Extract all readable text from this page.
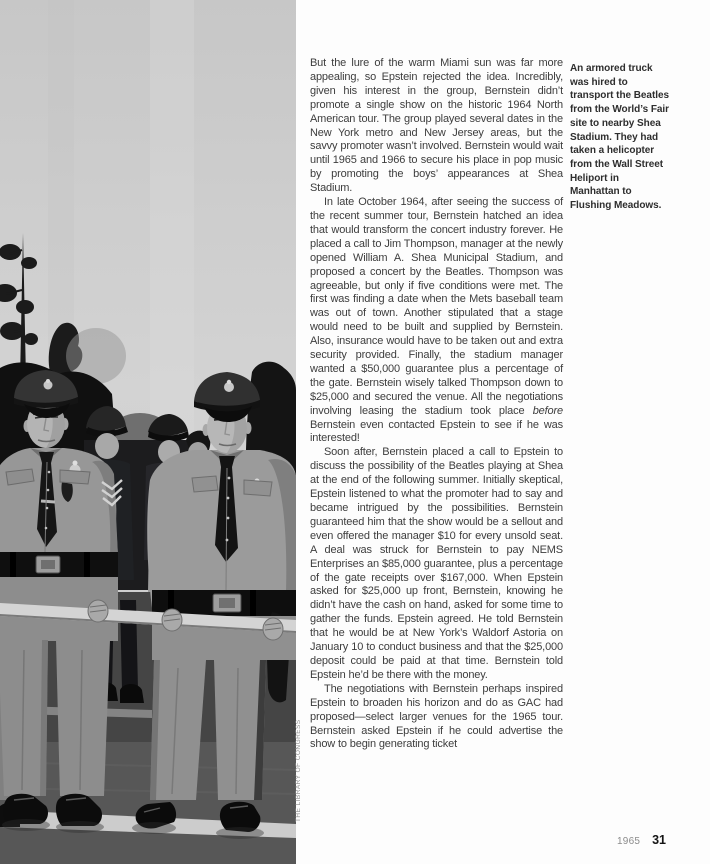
THE LIBRARY OF CONGRESS

But the lure of the warm Miami sun was far more appealing, so Epstein rejected the idea. Incredibly, given his interest in the group, Bernstein didn’t promote a single show on the historic 1964 North American tour. The group played several dates in the New York metro and New Jersey areas, but the savvy promoter wasn’t involved. Bernstein would wait until 1965 and 1966 to secure his place in pop music by promoting the boys’ appearances at Shea Stadium.

In late October 1964, after seeing the success of the recent summer tour, Bernstein hatched an idea that would transform the concert industry forever. He placed a call to Jim Thompson, manager at the newly opened William A. Shea Municipal Stadium, and proposed a concert by the Beatles. Thompson was agreeable, but only if five conditions were met. The first was finding a date when the Mets baseball team was out of town. Another stipulated that a stage would need to be built and supplied by Bernstein. Also, insurance would have to be taken out and extra security provided. Finally, the stadium manager wanted a $50,000 guarantee plus a percentage of the gate. Bernstein wisely talked Thompson down to $25,000 and secured the venue. All the negotiations involving leasing the stadium took place before Bernstein even contacted Epstein to see if he was interested!

Soon after, Bernstein placed a call to Epstein to discuss the possibility of the Beatles playing at Shea at the end of the following summer. Initially skeptical, Epstein listened to what the promoter had to say and became intrigued by the possibilities. Bernstein guaranteed him that the show would be a sellout and even offered the manager $10 for every unsold seat. A deal was struck for Bernstein to pay NEMS Enterprises an $85,000 guarantee, plus a percentage of the gate receipts over $167,000. When Epstein asked for $25,000 up front, Bernstein, knowing he didn’t have the cash on hand, asked for some time to gather the funds. Epstein agreed. He told Bernstein that he would be at New York’s Waldorf Astoria on January 10 to conduct business and that the $25,000 deposit could be paid at that time. Bernstein told Epstein he’d be there with the money.

The negotiations with Bernstein perhaps inspired Epstein to broaden his horizon and do as GAC had proposed—select larger venues for the 1965 tour. Bernstein asked Epstein if he could advertise the show to begin generating ticket

An armored truck was hired to transport the Beatles from the World’s Fair site to nearby Shea Stadium. They had taken a helicopter from the Wall Street Heliport in Manhattan to Flushing Meadows.
1965 31
